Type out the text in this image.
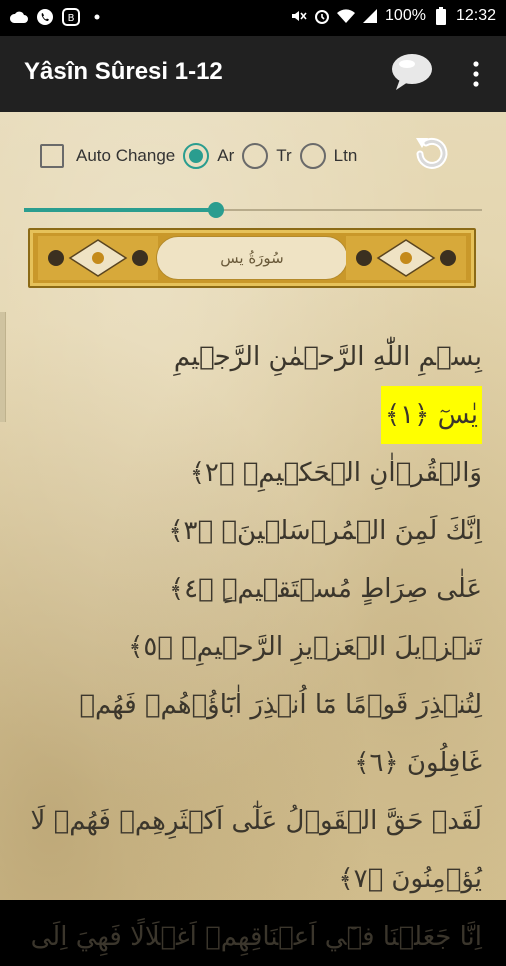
B	100% 12:32
Yâsîn Sûresi 1-12
Auto Change Ar Tr Ltn
سُورَةُ يس
بِسۡمِ اللّٰهِ الرَّحۡمٰنِ الرَّج۪يمِ
يٰسٓ ﴿١﴾
وَالۡقُرۡاٰنِ الۡحَك۪يمِۙ ﴿٢﴾
اِنَّكَ لَمِنَ الۡمُرۡسَل۪ينَۙ ﴿٣﴾
عَلٰى صِرَاطٍ مُسۡتَق۪يمٍۜ ﴿٤﴾
تَنۡز۪يلَ الۡعَز۪يزِ الرَّح۪يمِۙ ﴿٥﴾
لِتُنۡذِرَ قَوۡمًا مَٓا اُنۡذِرَ اٰبَٓاؤُ۬هُمۡ فَهُمۡ
غَافِلُونَ ﴿٦﴾
لَقَدۡ حَقَّ الۡقَوۡلُ عَلٰٓى اَكۡثَرِهِمۡ فَهُمۡ لَا
يُؤۡمِنُونَ ﴿٧﴾
اِنَّا جَعَلۡنَا ف۪ٓي اَعۡنَاقِهِمۡ اَغۡلَالًا فَهِيَ اِلَى
